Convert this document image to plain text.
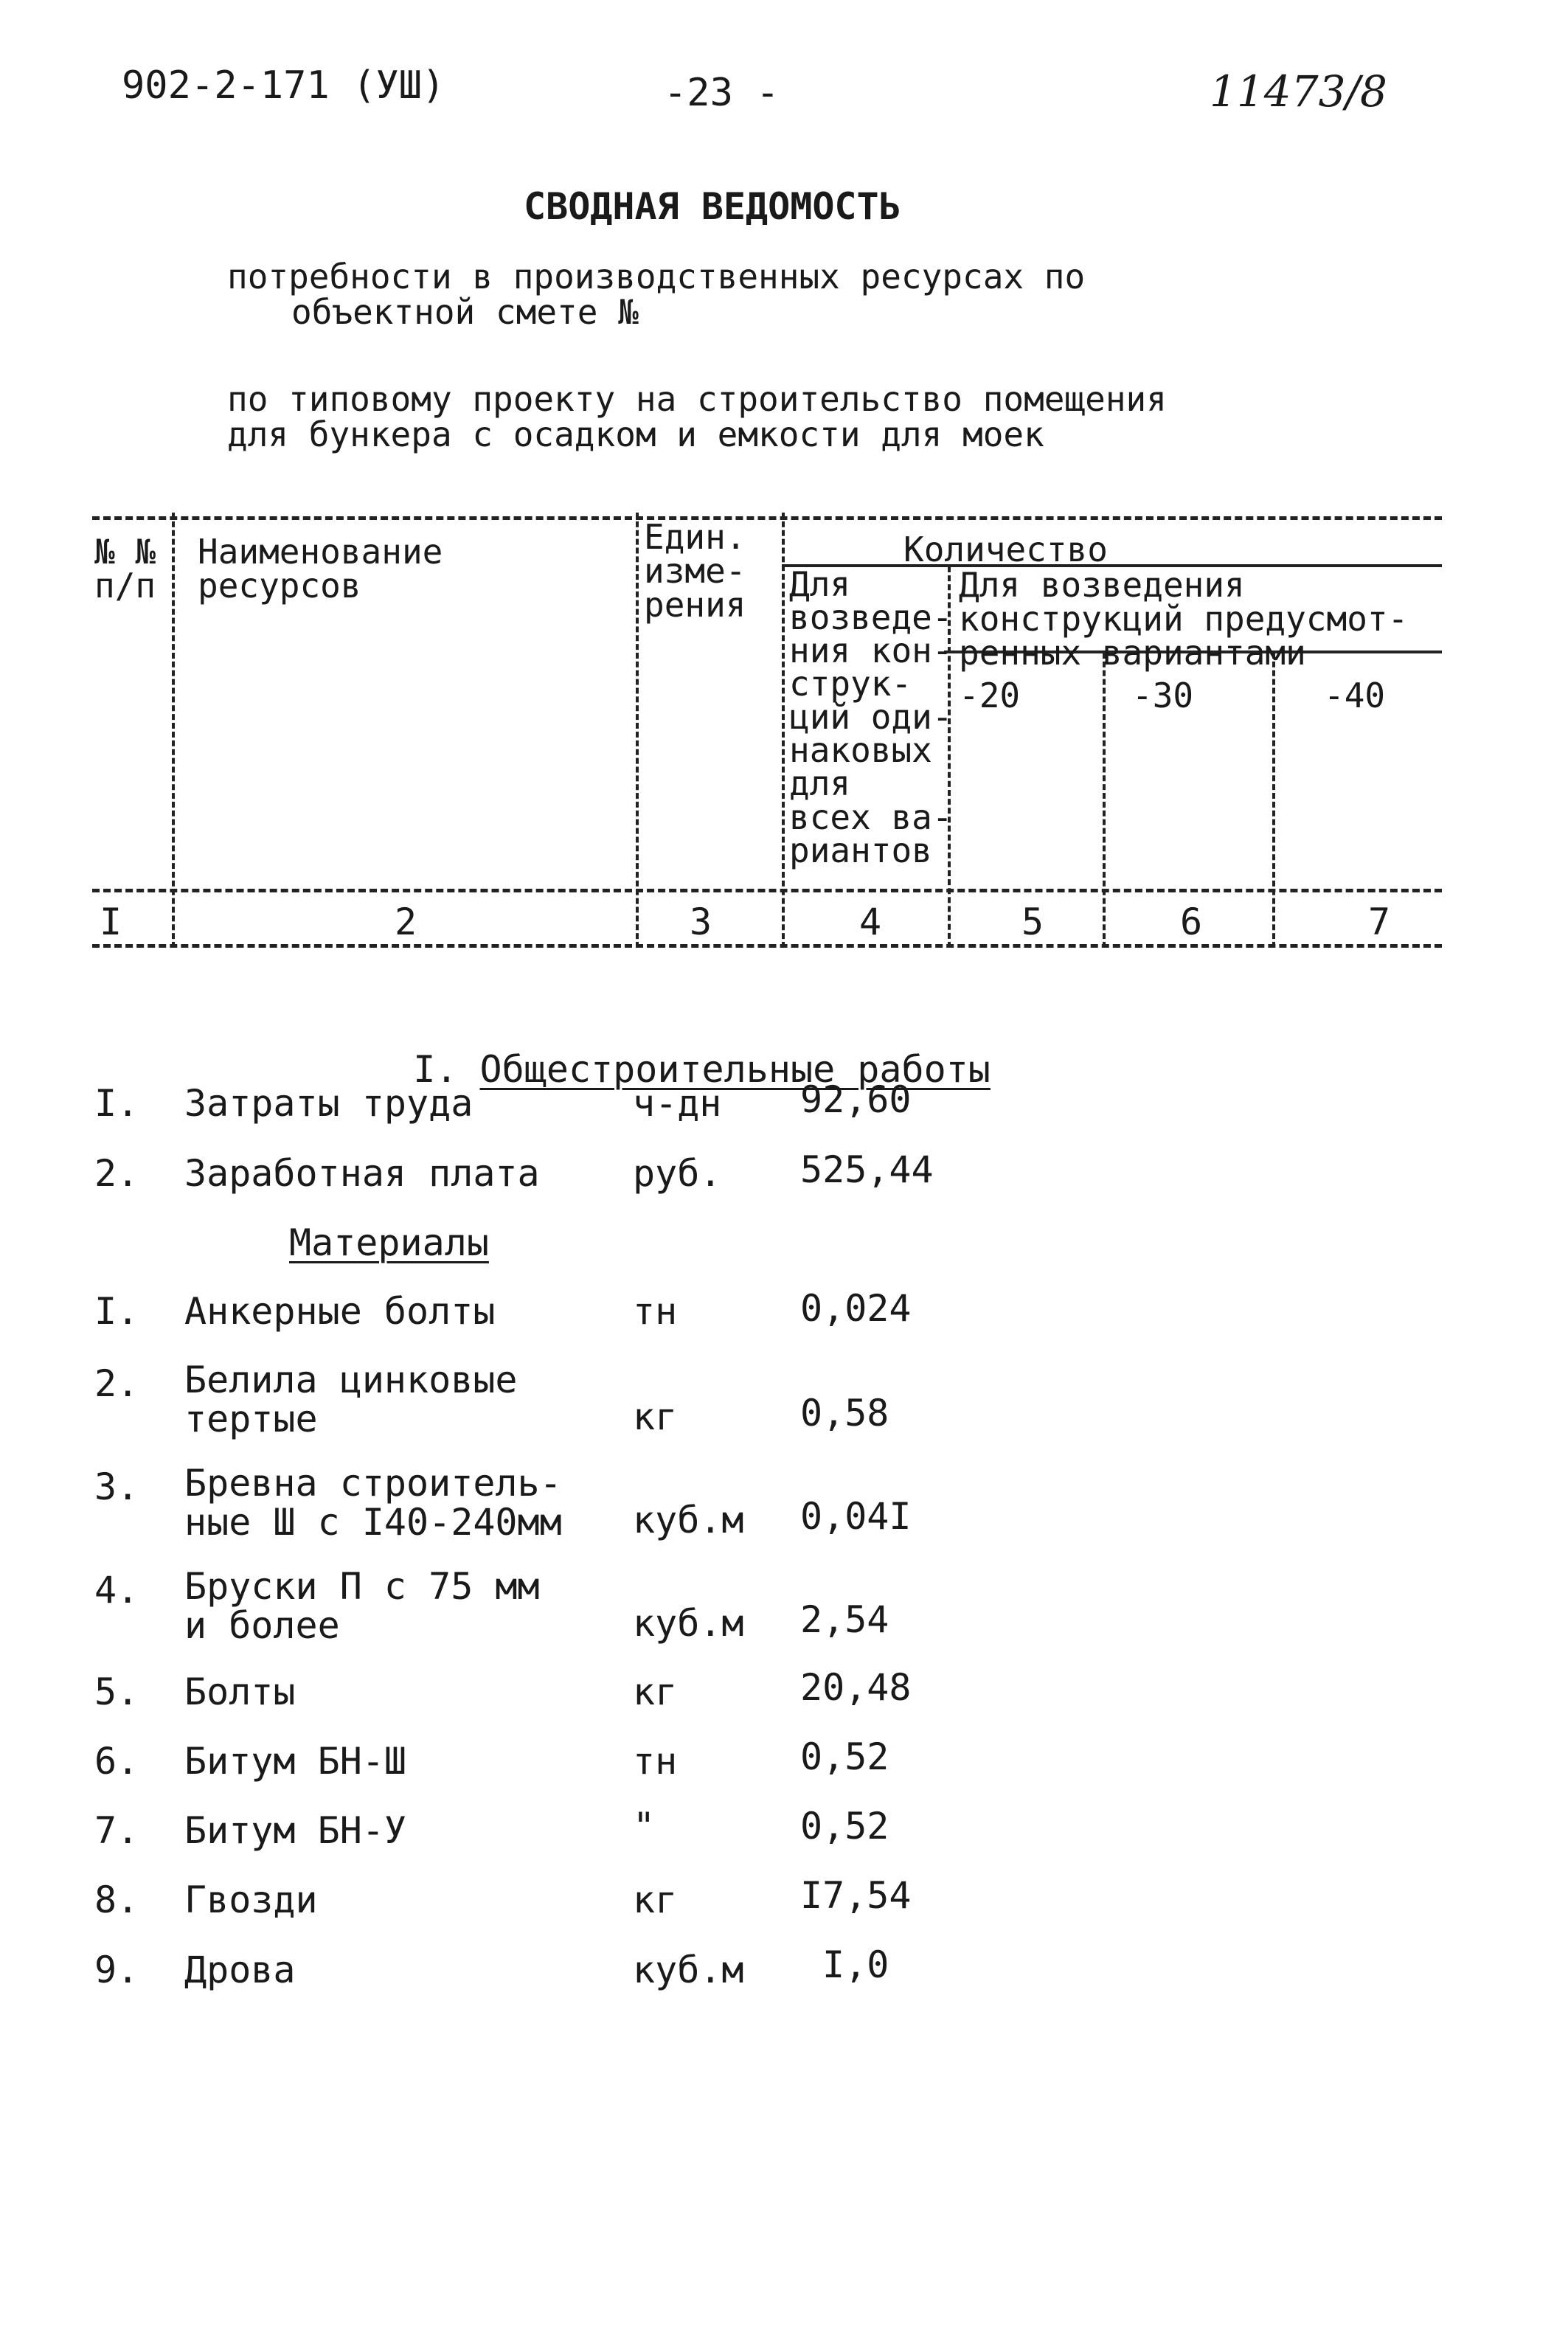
902-2-171 (УШ)	-23 -	11473/8
СВОДНАЯ ВЕДОМОСТЬ
потребности в производственных ресурсах по
объектной смете №
по типовому проекту на строительство помещения
для бункера с осадком и емкости для моек
№ №
п/п
Наименование
ресурсов
Един.
изме-
рения
Количество
Для
возведе-
ния кон-
струк-
ций оди-
наковых
для
всех ва-
риантов
Для возведения
конструкций предусмот-
ренных вариантами
-20	-30	-40
I	2	3	4	5	6	7

I. Общестроительные работы

I. Затраты труда	ч-дн 92,60
2. Заработная плата	руб. 525,44
Материалы
I. Анкерные болты	тн	0,024
2. Белила цинковые
тертые	кг	0,58
3. Бревна строитель-
ные Ш с I40-240мм куб.м 0,04I
4. Бруски П с 75 мм
и более	куб.м 2,54
5. Болты	кг	20,48
6. Битум БН-Ш	тн	0,52
7. Битум БН-У	"	0,52
8. Гвозди	кг	I7,54
9. Дрова	куб.м I,0
